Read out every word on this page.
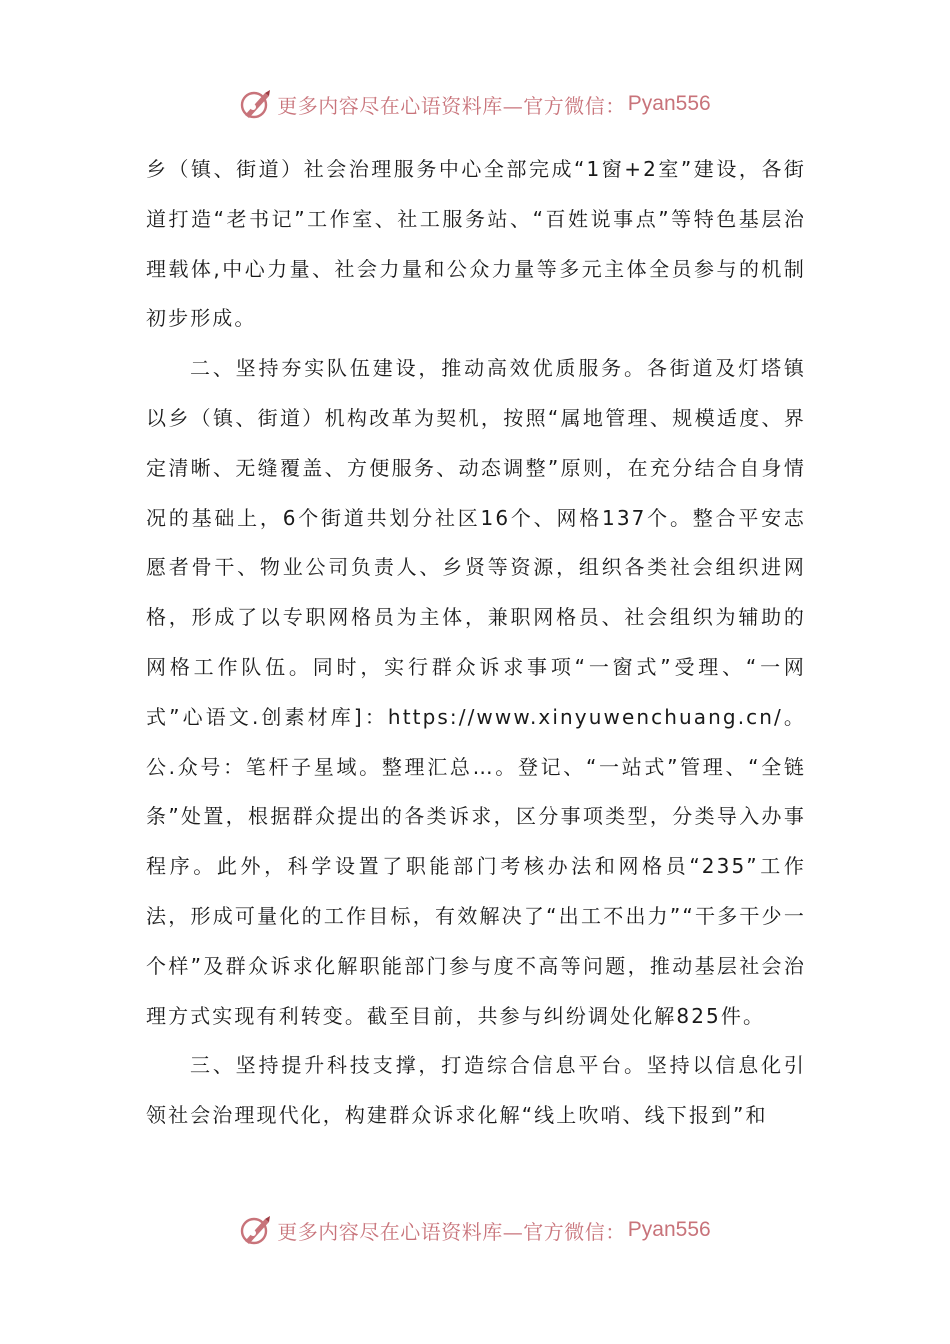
更多内容尽在心语资料库—官方微信： Pyan556

乡（镇、街道）社会治理服务中心全部完成“1窗+2室”建设，各街道打造“老书记”工作室、社工服务站、“百姓说事点”等特色基层治理载体,中心力量、社会力量和公众力量等多元主体全员参与的机制初步形成。

二、坚持夯实队伍建设，推动高效优质服务。各街道及灯塔镇以乡（镇、街道）机构改革为契机，按照“属地管理、规模适度、界定清晰、无缝覆盖、方便服务、动态调整”原则，在充分结合自身情况的基础上，6个街道共划分社区16个、网格137个。整合平安志愿者骨干、物业公司负责人、乡贤等资源，组织各类社会组织进网格，形成了以专职网格员为主体，兼职网格员、社会组织为辅助的网格工作队伍。同时，实行群众诉求事项“一窗式”受理、“一网式”心语文.创素材库]：https://www.xinyuwenchuang.cn/。公.众号：笔杆子星域。整理汇总…。登记、“一站式”管理、“全链条”处置，根据群众提出的各类诉求，区分事项类型，分类导入办事程序。此外，科学设置了职能部门考核办法和网格员“235”工作法，形成可量化的工作目标，有效解决了“出工不出力”“干多干少一个样”及群众诉求化解职能部门参与度不高等问题，推动基层社会治理方式实现有利转变。截至目前，共参与纠纷调处化解825件。

三、坚持提升科技支撑，打造综合信息平台。坚持以信息化引领社会治理现代化，构建群众诉求化解“线上吹哨、线下报到”和

更多内容尽在心语资料库—官方微信： Pyan556
